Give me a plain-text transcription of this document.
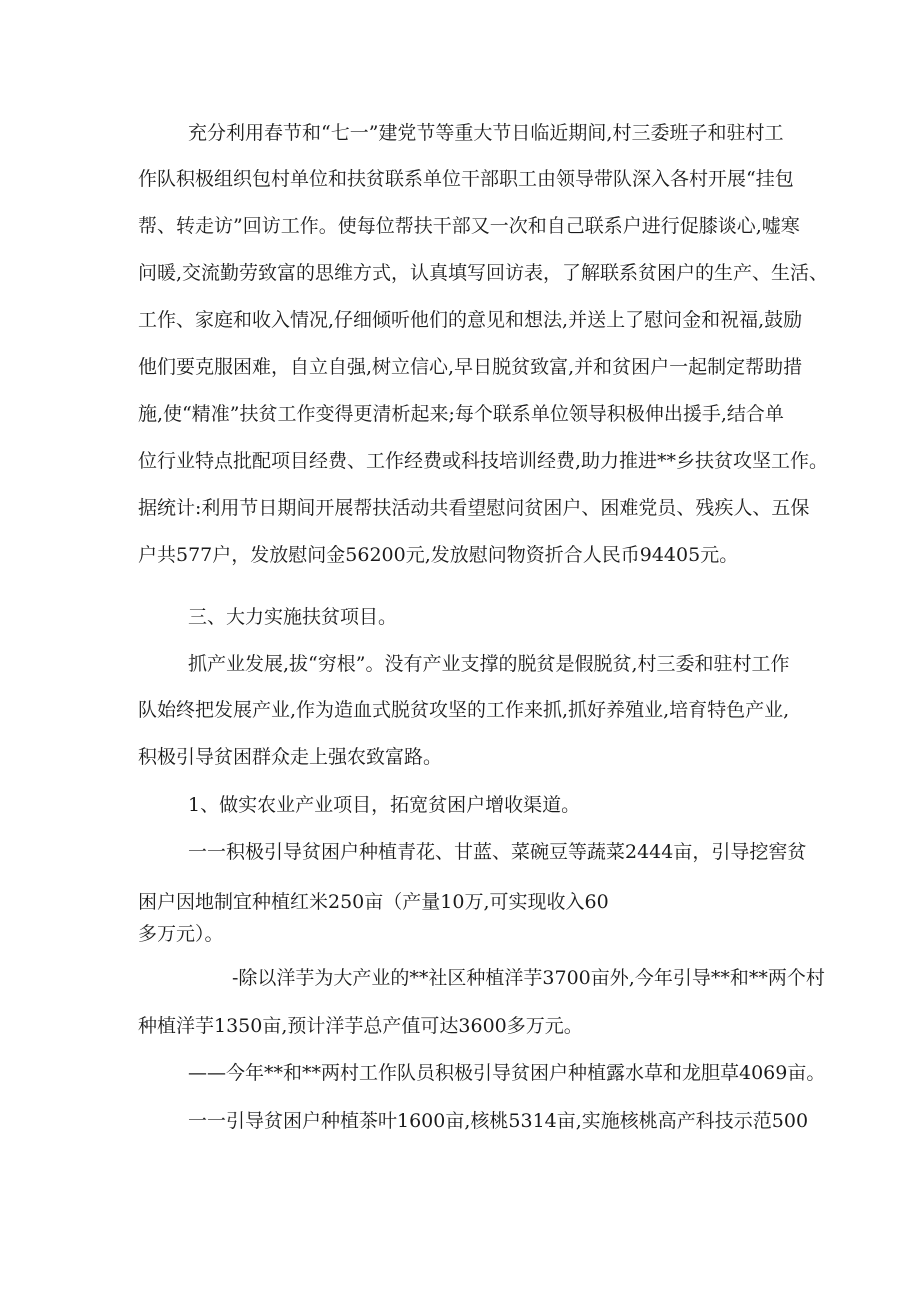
充分利用春节和“七一”建党节等重大节日临近期间,村三委班子和驻村工
作队积极组织包村单位和扶贫联系单位干部职工由领导带队深入各村开展“挂包
帮、转走访”回访工作。使每位帮扶干部又一次和自己联系户进行促膝谈心,嘘寒
问暖,交流勤劳致富的思维方式，认真填写回访表，了解联系贫困户的生产、生活、
工作、家庭和收入情况,仔细倾听他们的意见和想法,并送上了慰问金和祝福,鼓励
他们要克服困难，自立自强,树立信心,早日脱贫致富,并和贫困户一起制定帮助措
施,使“精准”扶贫工作变得更清析起来;每个联系单位领导积极伸出援手,结合单
位行业特点批配项目经费、工作经费或科技培训经费,助力推进**乡扶贫攻坚工作。
据统计:利用节日期间开展帮扶活动共看望慰问贫困户、困难党员、残疾人、五保
户共577户，发放慰问金56200元,发放慰问物资折合人民币94405元。
三、大力实施扶贫项目。
抓产业发展,拔“穷根”。没有产业支撑的脱贫是假脱贫,村三委和驻村工作
队始终把发展产业,作为造血式脱贫攻坚的工作来抓,抓好养殖业,培育特色产业,
积极引导贫困群众走上强农致富路。
1、做实农业产业项目，拓宽贫困户增收渠道。
一一积极引导贫困户种植青花、甘蓝、菜碗豆等蔬菜2444亩，引导挖窖贫
困户因地制宜种植红米250亩（产量10万,可实现收入60
多万元）。
-除以洋芋为大产业的**社区种植洋芋3700亩外,今年引导**和**两个村
种植洋芋1350亩,预计洋芋总产值可达3600多万元。
——今年**和**两村工作队员积极引导贫困户种植露水草和龙胆草4069亩。
一一引导贫困户种植茶叶1600亩,核桃5314亩,实施核桃高产科技示范500
